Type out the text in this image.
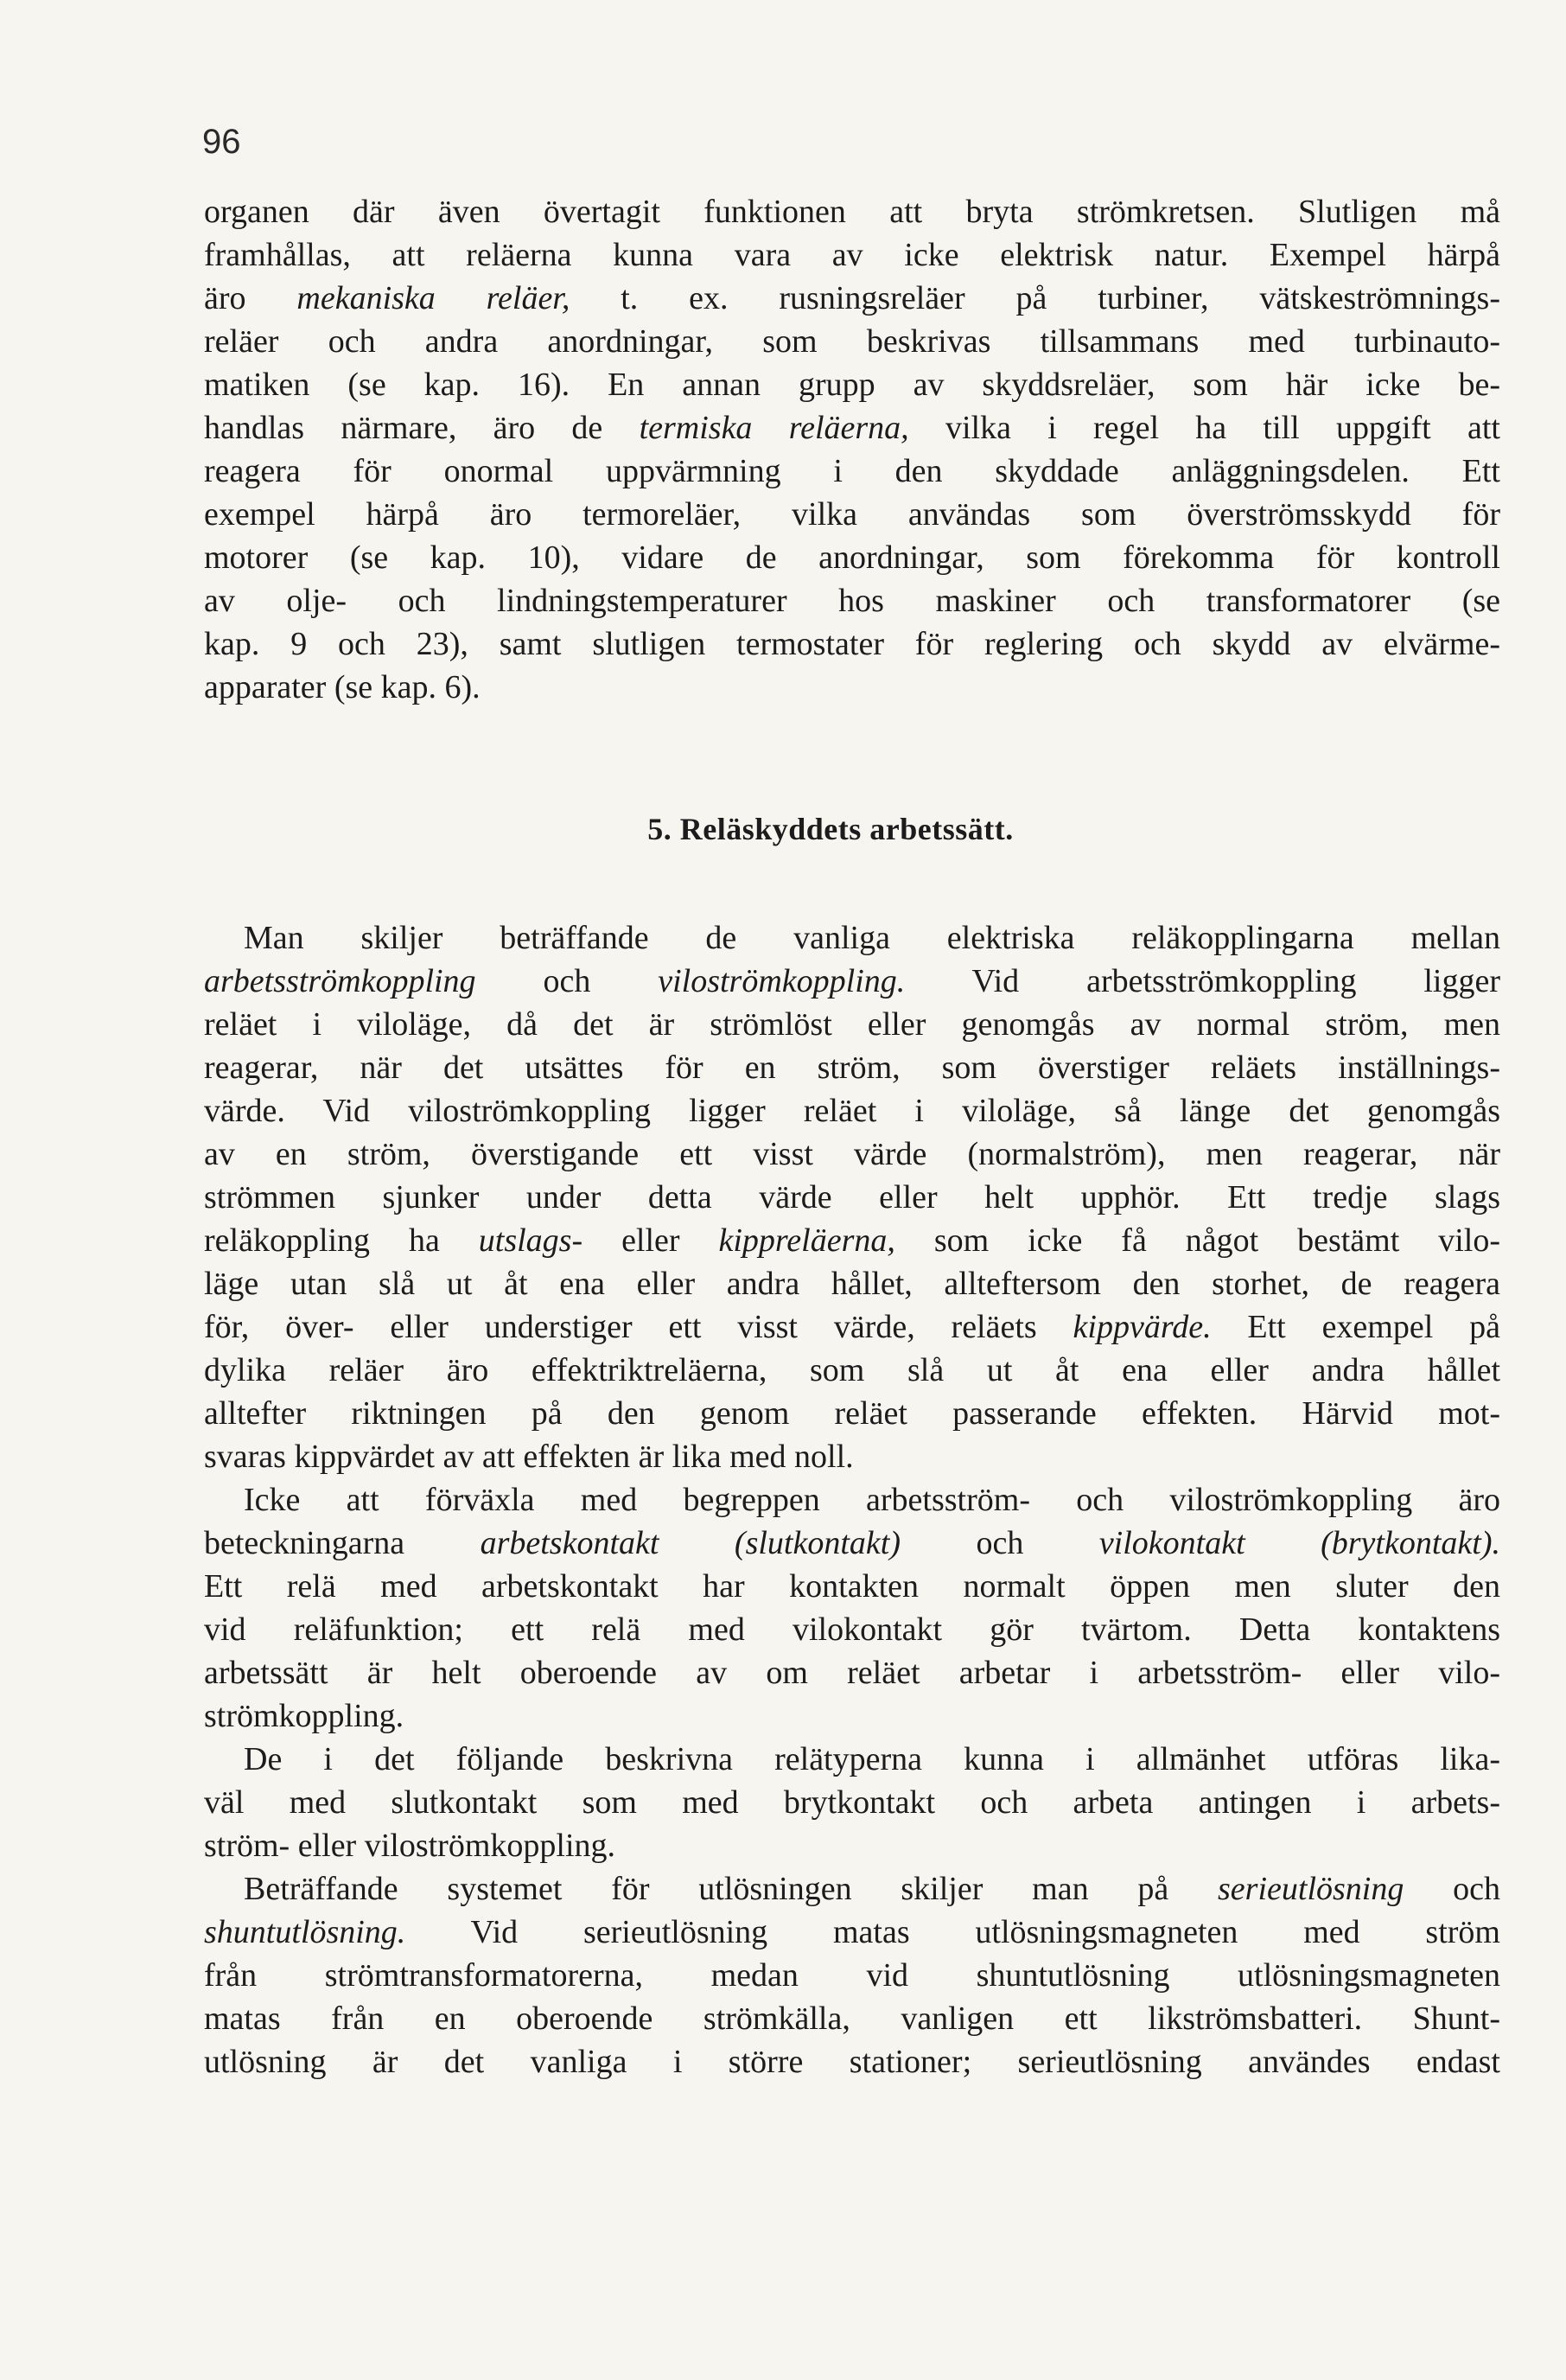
96
organen där även övertagit funktionen att bryta strömkretsen. Slutligen må
framhållas, att reläerna kunna vara av icke elektrisk natur. Exempel härpå
äro mekaniska reläer, t. ex. rusningsreläer på turbiner, vätskeströmnings-
reläer och andra anordningar, som beskrivas tillsammans med turbinauto-
matiken (se kap. 16). En annan grupp av skyddsreläer, som här icke be-
handlas närmare, äro de termiska reläerna, vilka i regel ha till uppgift att
reagera för onormal uppvärmning i den skyddade anläggningsdelen. Ett
exempel härpå äro termoreläer, vilka användas som överströmsskydd för
motorer (se kap. 10), vidare de anordningar, som förekomma för kontroll
av olje- och lindningstemperaturer hos maskiner och transformatorer (se
kap. 9 och 23), samt slutligen termostater för reglering och skydd av elvärme-
apparater (se kap. 6).
5. Reläskyddets arbetssätt.
Man skiljer beträffande de vanliga elektriska reläkopplingarna mellan
arbetsströmkoppling och viloströmkoppling. Vid arbetsströmkoppling ligger
reläet i viloläge, då det är strömlöst eller genomgås av normal ström, men
reagerar, när det utsättes för en ström, som överstiger reläets inställnings-
värde. Vid viloströmkoppling ligger reläet i viloläge, så länge det genomgås
av en ström, överstigande ett visst värde (normalström), men reagerar, när
strömmen sjunker under detta värde eller helt upphör. Ett tredje slags
reläkoppling ha utslags- eller kippreläerna, som icke få något bestämt vilo-
läge utan slå ut åt ena eller andra hållet, allteftersom den storhet, de reagera
för, över- eller understiger ett visst värde, reläets kippvärde. Ett exempel på
dylika reläer äro effektriktreläerna, som slå ut åt ena eller andra hållet
alltefter riktningen på den genom reläet passerande effekten. Härvid mot-
svaras kippvärdet av att effekten är lika med noll.
Icke att förväxla med begreppen arbetsström- och viloströmkoppling äro
beteckningarna arbetskontakt (slutkontakt) och vilokontakt (brytkontakt).
Ett relä med arbetskontakt har kontakten normalt öppen men sluter den
vid reläfunktion; ett relä med vilokontakt gör tvärtom. Detta kontaktens
arbetssätt är helt oberoende av om reläet arbetar i arbetsström- eller vilo-
strömkoppling.
De i det följande beskrivna relätyperna kunna i allmänhet utföras lika-
väl med slutkontakt som med brytkontakt och arbeta antingen i arbets-
ström- eller viloströmkoppling.
Beträffande systemet för utlösningen skiljer man på serieutlösning och
shuntutlösning. Vid serieutlösning matas utlösningsmagneten med ström
från strömtransformatorerna, medan vid shuntutlösning utlösningsmagneten
matas från en oberoende strömkälla, vanligen ett likströmsbatteri. Shunt-
utlösning är det vanliga i större stationer; serieutlösning användes endast
